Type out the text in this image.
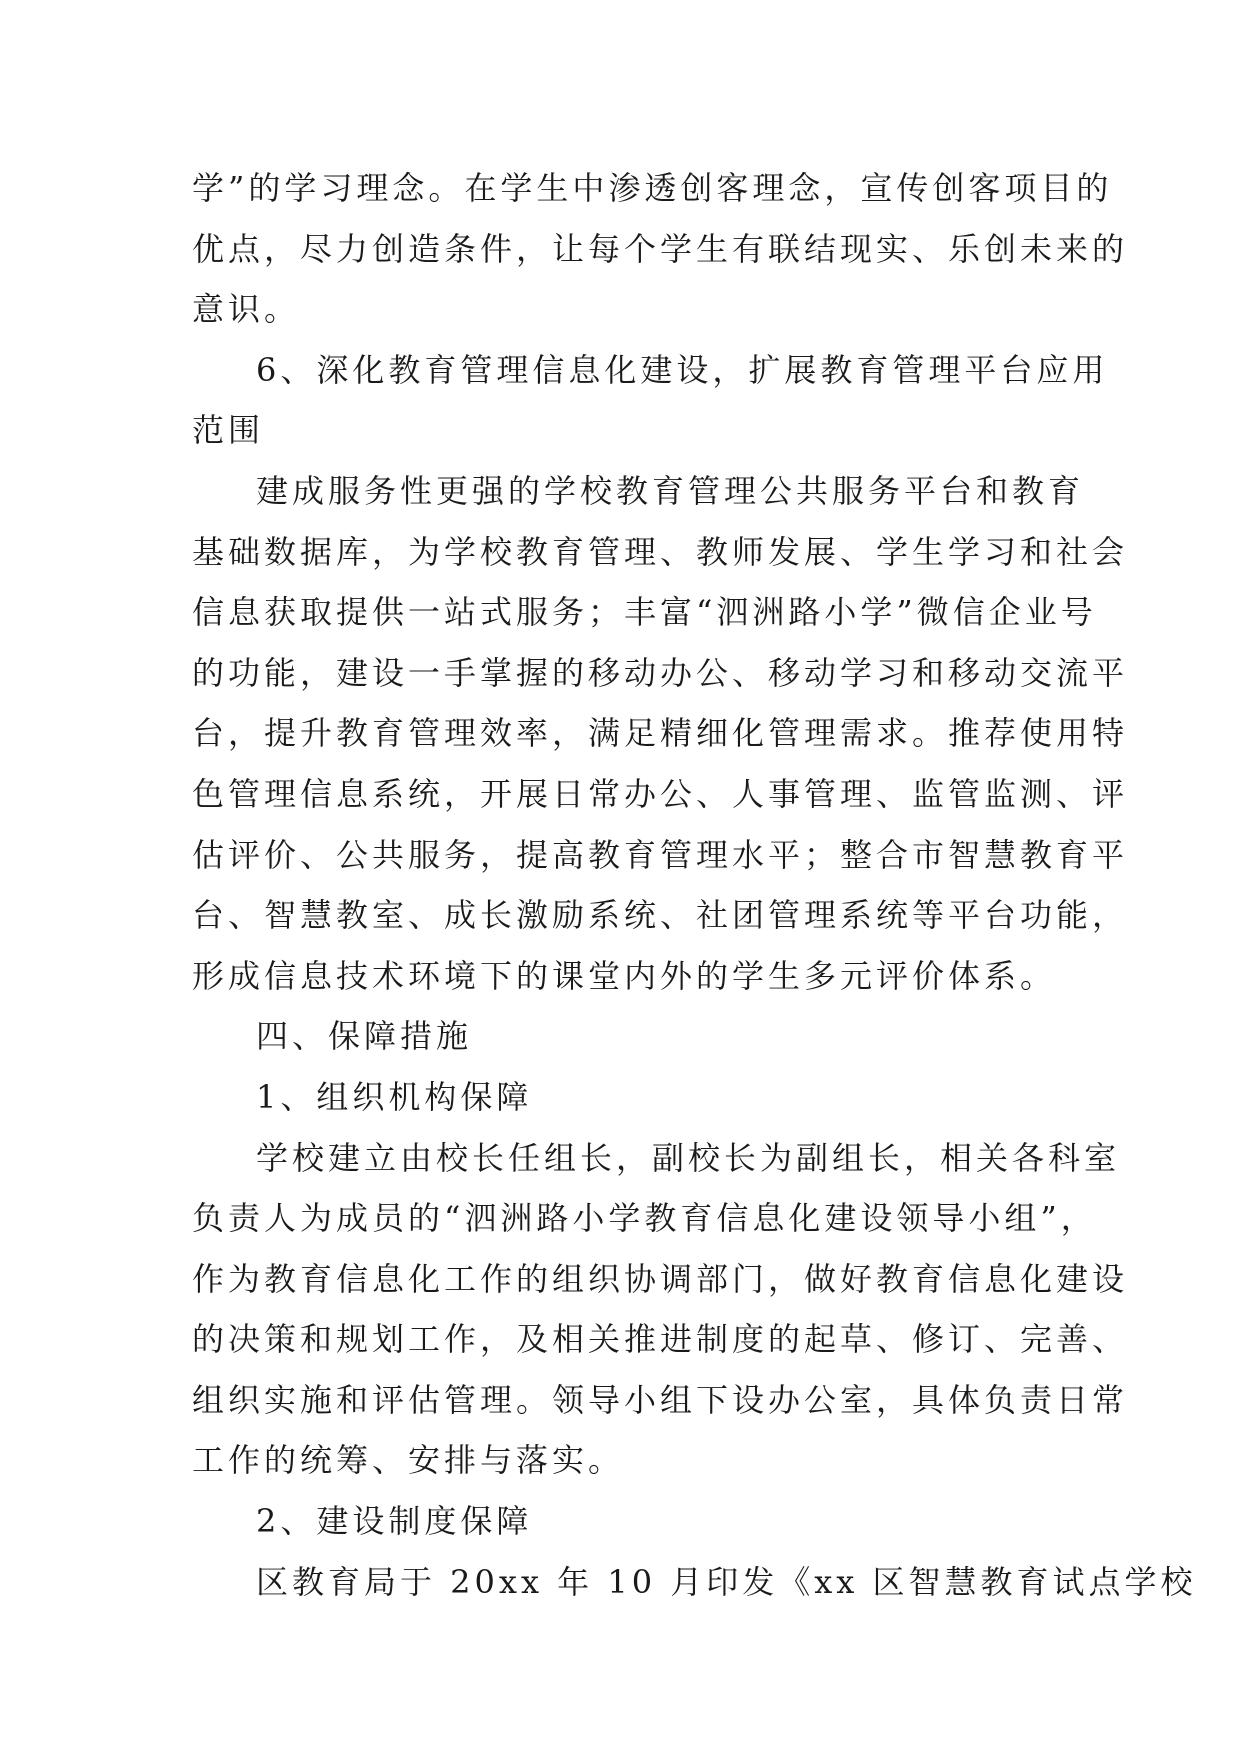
学”的学习理念。在学生中渗透创客理念，宣传创客项目的
优点，尽力创造条件，让每个学生有联结现实、乐创未来的
意识。
6、深化教育管理信息化建设，扩展教育管理平台应用
范围
建成服务性更强的学校教育管理公共服务平台和教育
基础数据库，为学校教育管理、教师发展、学生学习和社会
信息获取提供一站式服务；丰富“泗洲路小学”微信企业号
的功能，建设一手掌握的移动办公、移动学习和移动交流平
台，提升教育管理效率，满足精细化管理需求。推荐使用特
色管理信息系统，开展日常办公、人事管理、监管监测、评
估评价、公共服务，提高教育管理水平；整合市智慧教育平
台、智慧教室、成长激励系统、社团管理系统等平台功能，
形成信息技术环境下的课堂内外的学生多元评价体系。
四、保障措施
1、组织机构保障
学校建立由校长任组长，副校长为副组长，相关各科室
负责人为成员的“泗洲路小学教育信息化建设领导小组”，
作为教育信息化工作的组织协调部门，做好教育信息化建设
的决策和规划工作，及相关推进制度的起草、修订、完善、
组织实施和评估管理。领导小组下设办公室，具体负责日常
工作的统筹、安排与落实。
2、建设制度保障
区教育局于 20xx 年 10 月印发《xx 区智慧教育试点学校
